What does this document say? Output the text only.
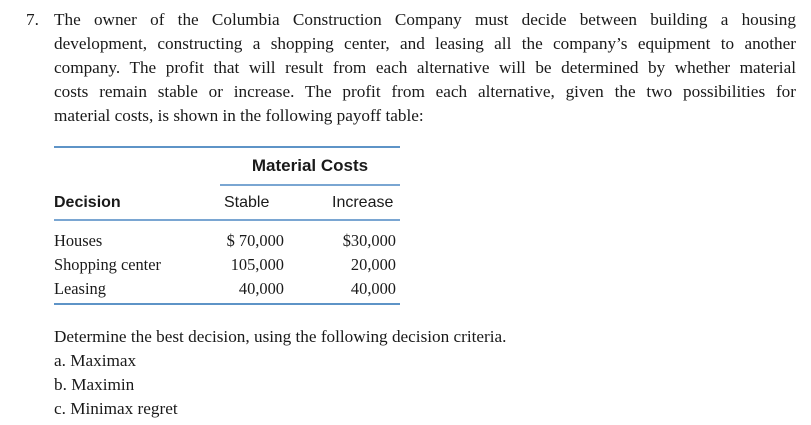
7. The owner of the Columbia Construction Company must decide between building a housing
development, constructing a shopping center, and leasing all the company’s equipment to another
company. The profit that will result from each alternative will be determined by whether material
costs remain stable or increase. The profit from each alternative, given the two possibilities for
material costs, is shown in the following payoff table:
Material Costs
Decision	Stable	Increase
Houses	$ 70,000	$30,000
Shopping center	105,000	20,000
Leasing	40,000	40,000
Determine the best decision, using the following decision criteria.
a. Maximax
b. Maximin
c. Minimax regret
